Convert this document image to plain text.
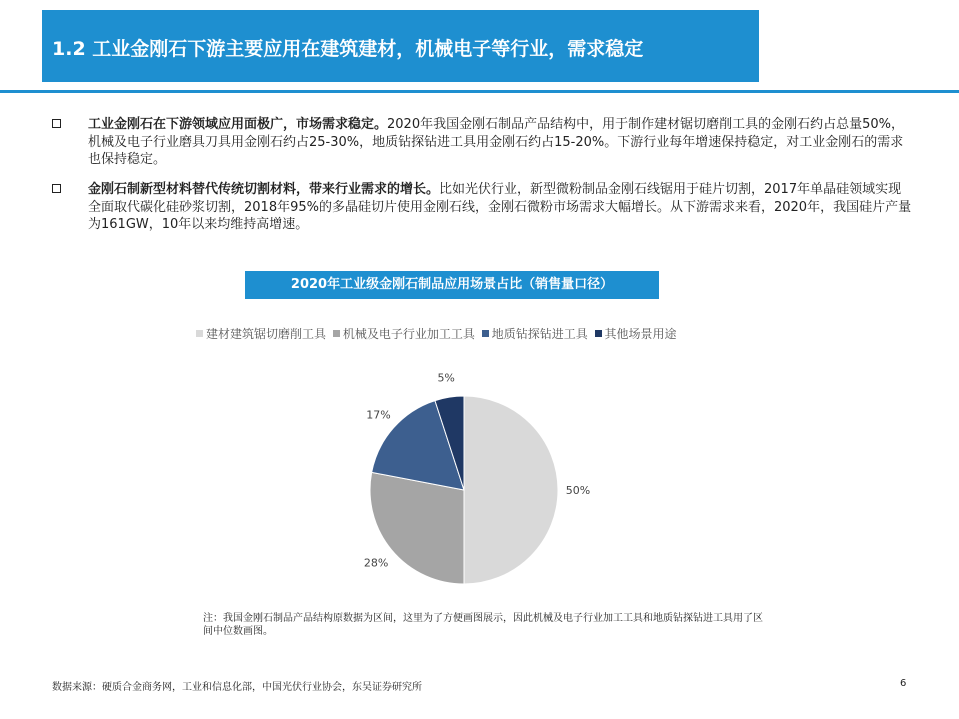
1.2 工业金刚石下游主要应用在建筑建材，机械电子等行业，需求稳定
工业金刚石在下游领域应用面极广，市场需求稳定。2020年我国金刚石制品产品结构中，用于制作建材锯切磨削工具的金刚石约占总量50%，机械及电子行业磨具刀具用金刚石约占25-30%，地质钻探钻进工具用金刚石约占15-20%。下游行业每年增速保持稳定，对工业金刚石的需求也保持稳定。
金刚石制新型材料替代传统切割材料，带来行业需求的增长。比如光伏行业，新型微粉制品金刚石线锯用于硅片切割，2017年单晶硅领域实现全面取代碳化硅砂浆切割，2018年95%的多晶硅切片使用金刚石线，金刚石微粉市场需求大幅增长。从下游需求来看，2020年，我国硅片产量为161GW，10年以来均维持高增速。
2020年工业级金刚石制品应用场景占比（销售量口径）
建材建筑锯切磨削工具 机械及电子行业加工工具 地质钻探钻进工具 其他场景用途
50%
28%
17%
5%
注：我国金刚石制品产品结构原数据为区间，这里为了方便画图展示，因此机械及电子行业加工工具和地质钻探钻进工具用了区间中位数画图。
数据来源：硬质合金商务网，工业和信息化部，中国光伏行业协会，东吴证券研究所	6
